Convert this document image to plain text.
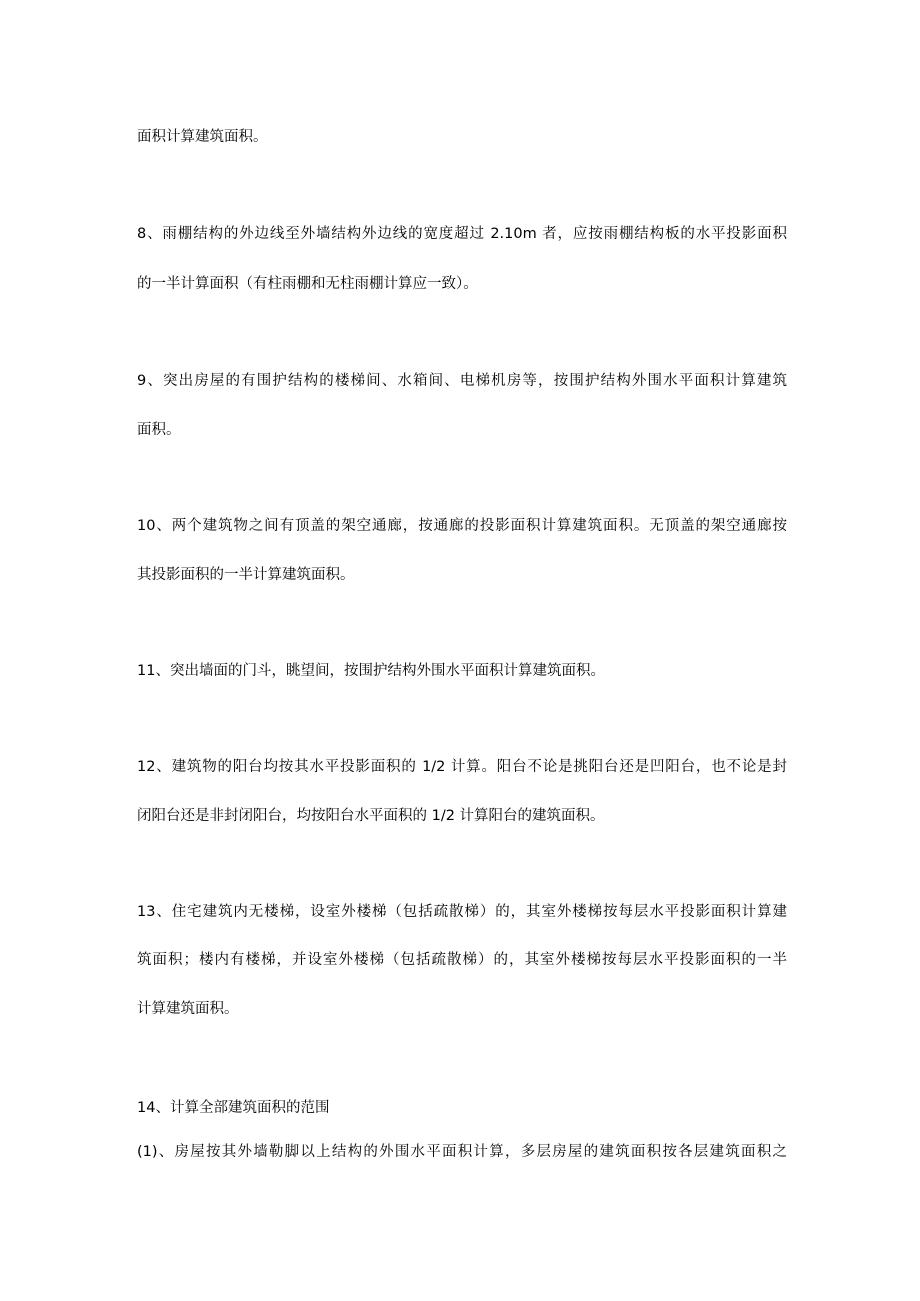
面积计算建筑面积。
8、雨棚结构的外边线至外墙结构外边线的宽度超过 2.10m 者，应按雨棚结构板的水平投影面积
的一半计算面积（有柱雨棚和无柱雨棚计算应一致）。
9、突出房屋的有围护结构的楼梯间、水箱间、电梯机房等，按围护结构外围水平面积计算建筑
面积。
10、两个建筑物之间有顶盖的架空通廊，按通廊的投影面积计算建筑面积。无顶盖的架空通廊按
其投影面积的一半计算建筑面积。
11、突出墙面的门斗，眺望间，按围护结构外围水平面积计算建筑面积。
12、建筑物的阳台均按其水平投影面积的 1/2 计算。阳台不论是挑阳台还是凹阳台，也不论是封
闭阳台还是非封闭阳台，均按阳台水平面积的 1/2 计算阳台的建筑面积。
13、住宅建筑内无楼梯，设室外楼梯（包括疏散梯）的，其室外楼梯按每层水平投影面积计算建
筑面积；楼内有楼梯，并设室外楼梯（包括疏散梯）的，其室外楼梯按每层水平投影面积的一半
计算建筑面积。
14、计算全部建筑面积的范围
(1)、房屋按其外墙勒脚以上结构的外围水平面积计算，多层房屋的建筑面积按各层建筑面积之
